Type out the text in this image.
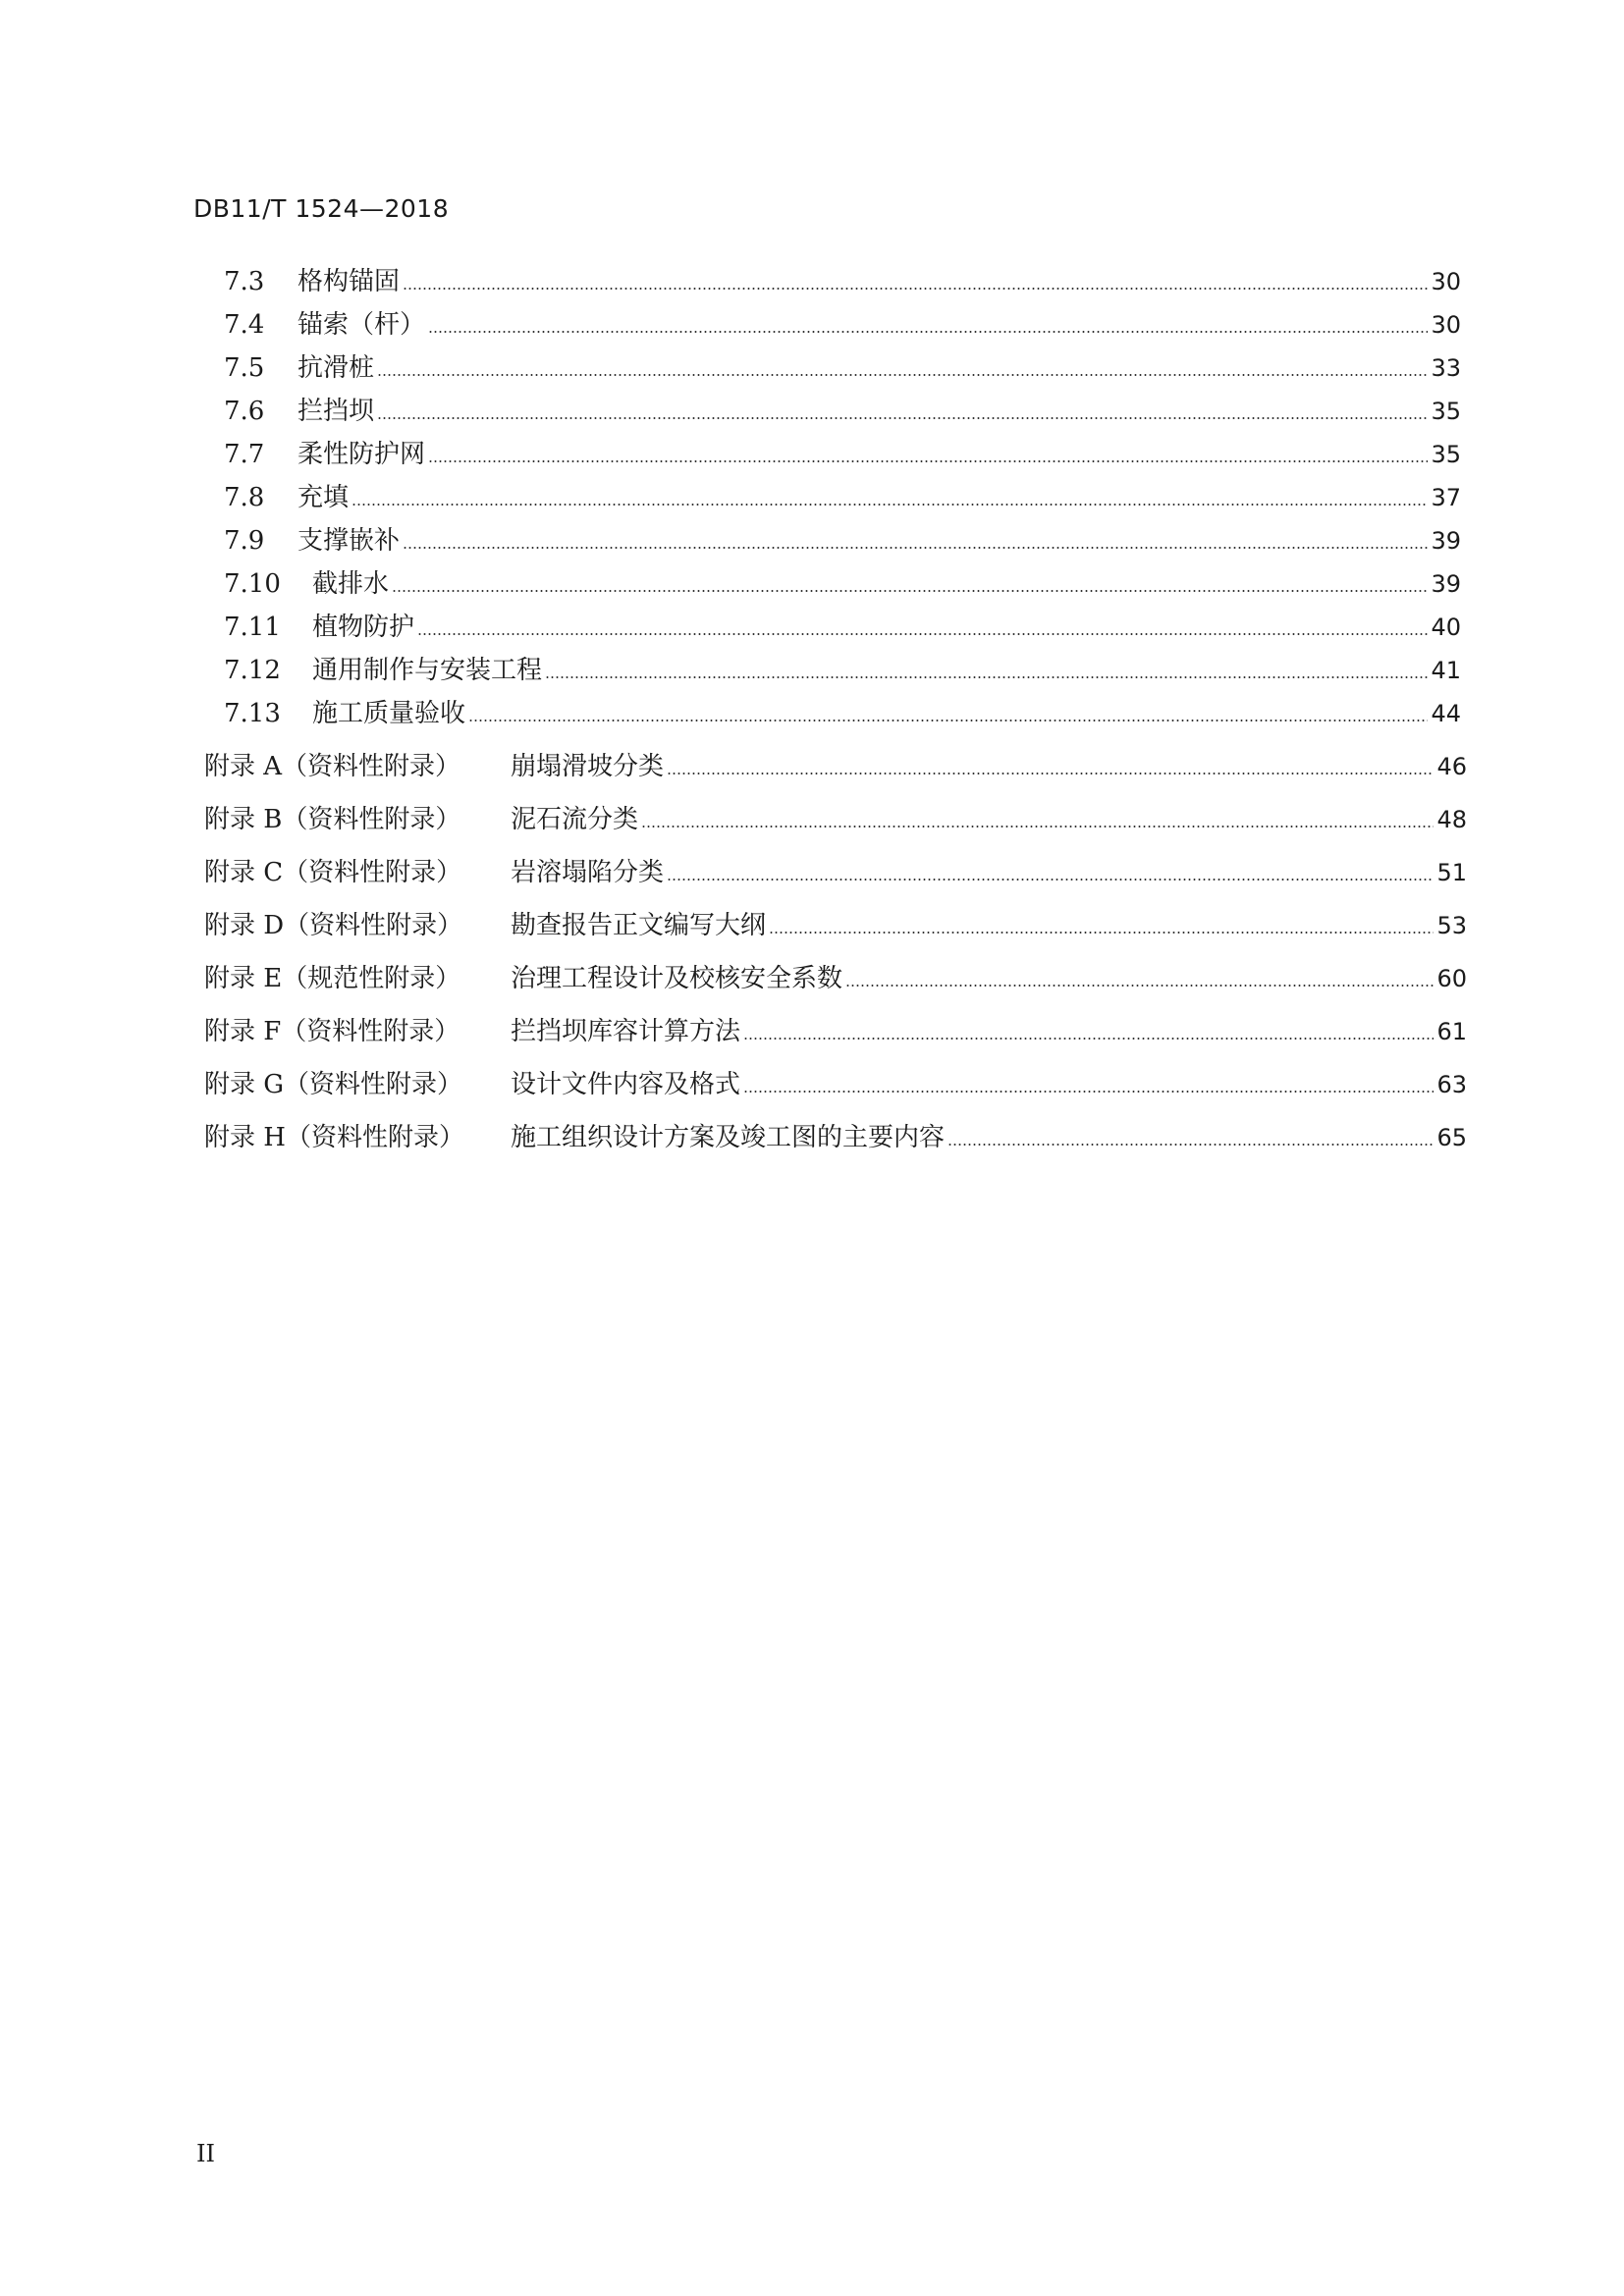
DB11/T 1524—2018
7.3	格构锚固	30
7.4	锚索（杆）	30
7.5	抗滑桩	33
7.6	拦挡坝	35
7.7	柔性防护网	35
7.8	充填	37
7.9	支撑嵌补	39
7.10	截排水	39
7.11	植物防护	40
7.12	通用制作与安装工程	41
7.13	施工质量验收	44
附录 A（资料性附录）	崩塌滑坡分类	46
附录 B（资料性附录）	泥石流分类	48
附录 C（资料性附录）	岩溶塌陷分类	51
附录 D（资料性附录）	勘查报告正文编写大纲	53
附录 E（规范性附录）	治理工程设计及校核安全系数	60
附录 F（资料性附录）	拦挡坝库容计算方法	61
附录 G（资料性附录）	设计文件内容及格式	63
附录 H（资料性附录）	施工组织设计方案及竣工图的主要内容	65
II
